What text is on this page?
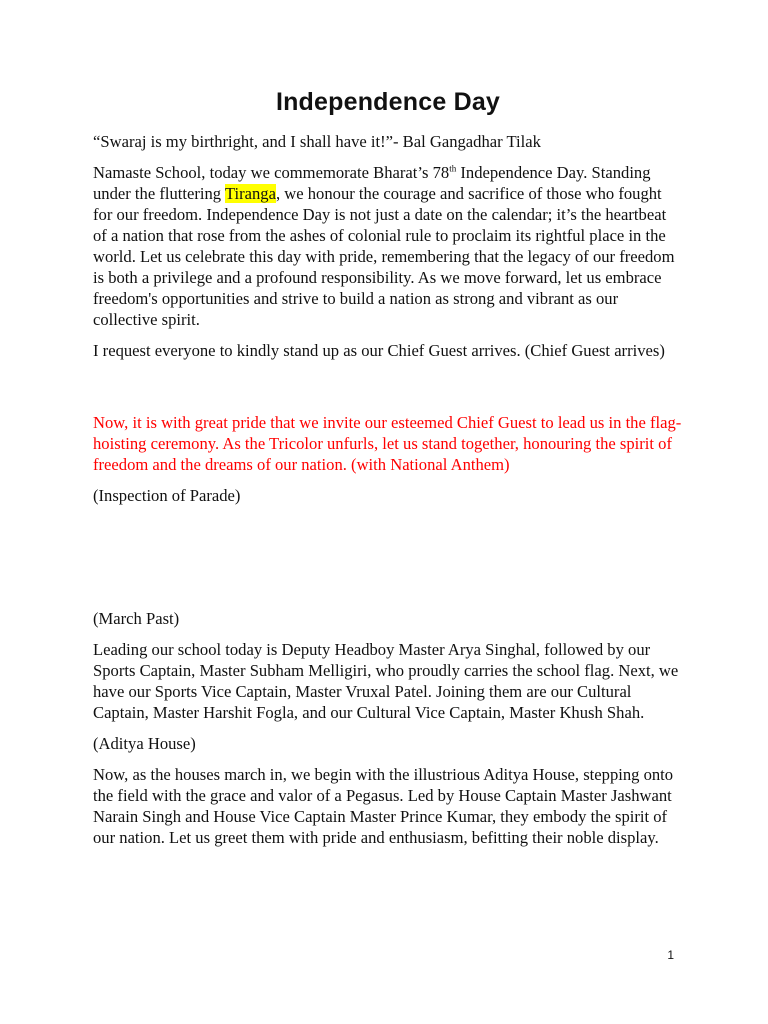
Independence Day

“Swaraj is my birthright, and I shall have it!”- Bal Gangadhar Tilak

Namaste School, today we commemorate Bharat’s 78th Independence Day. Standing under the fluttering Tiranga, we honour the courage and sacrifice of those who fought for our freedom. Independence Day is not just a date on the calendar; it’s the heartbeat of a nation that rose from the ashes of colonial rule to proclaim its rightful place in the world. Let us celebrate this day with pride, remembering that the legacy of our freedom is both a privilege and a profound responsibility. As we move forward, let us embrace freedom's opportunities and strive to build a nation as strong and vibrant as our collective spirit.

I request everyone to kindly stand up as our Chief Guest arrives. (Chief Guest arrives)

Now, it is with great pride that we invite our esteemed Chief Guest to lead us in the flag-hoisting ceremony. As the Tricolor unfurls, let us stand together, honouring the spirit of freedom and the dreams of our nation. (with National Anthem)

(Inspection of Parade)

(March Past)

Leading our school today is Deputy Headboy Master Arya Singhal, followed by our Sports Captain, Master Subham Melligiri, who proudly carries the school flag. Next, we have our Sports Vice Captain, Master Vruxal Patel. Joining them are our Cultural Captain, Master Harshit Fogla, and our Cultural Vice Captain, Master Khush Shah.

(Aditya House)

Now, as the houses march in, we begin with the illustrious Aditya House, stepping onto the field with the grace and valor of a Pegasus. Led by House Captain Master Jashwant Narain Singh and House Vice Captain Master Prince Kumar, they embody the spirit of our nation. Let us greet them with pride and enthusiasm, befitting their noble display.

1
